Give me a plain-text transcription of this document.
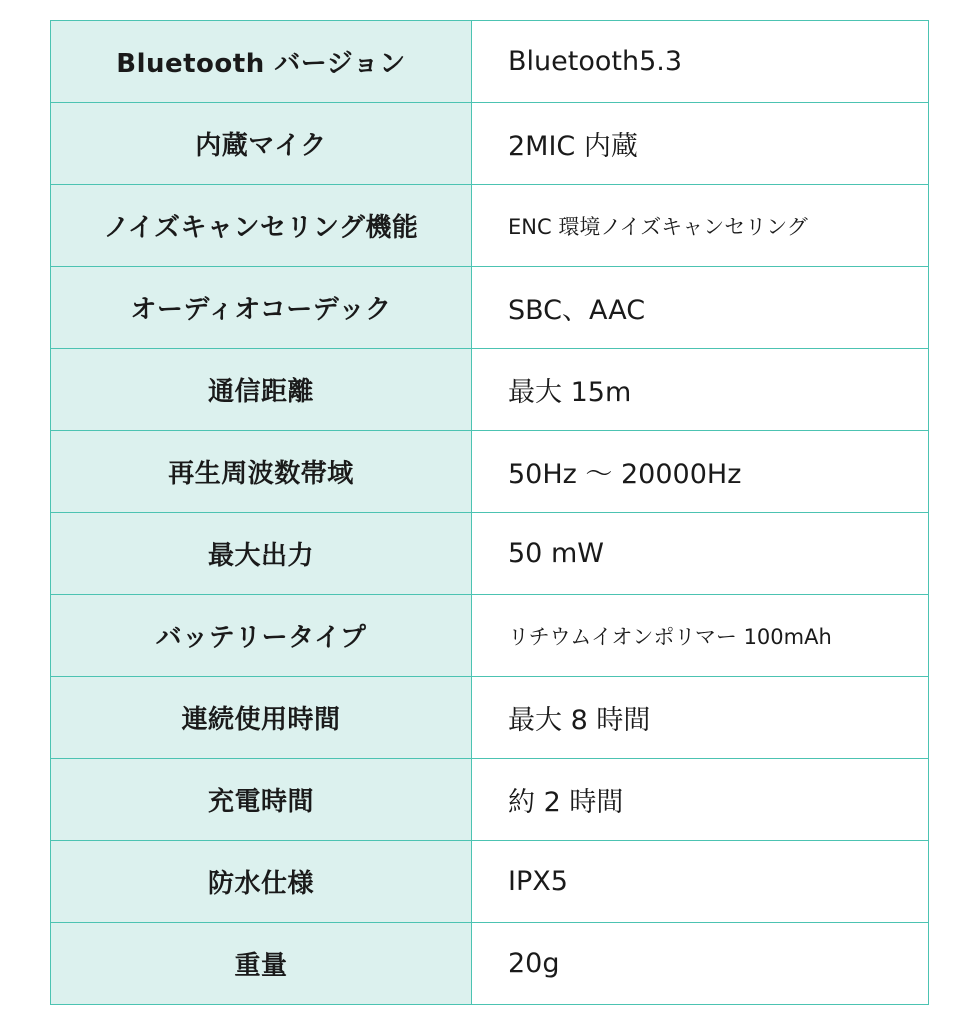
Bluetooth バージョン	Bluetooth5.3
内蔵マイク	2MIC 内蔵
ノイズキャンセリング機能	ENC 環境ノイズキャンセリング
オーディオコーデック	SBC、AAC
通信距離	最大 15m
再生周波数帯域	50Hz 〜 20000Hz
最大出力	50 mW
バッテリータイプ	リチウムイオンポリマー 100mAh
連続使用時間	最大 8 時間
充電時間	約 2 時間
防水仕様	IPX5
重量	20g
